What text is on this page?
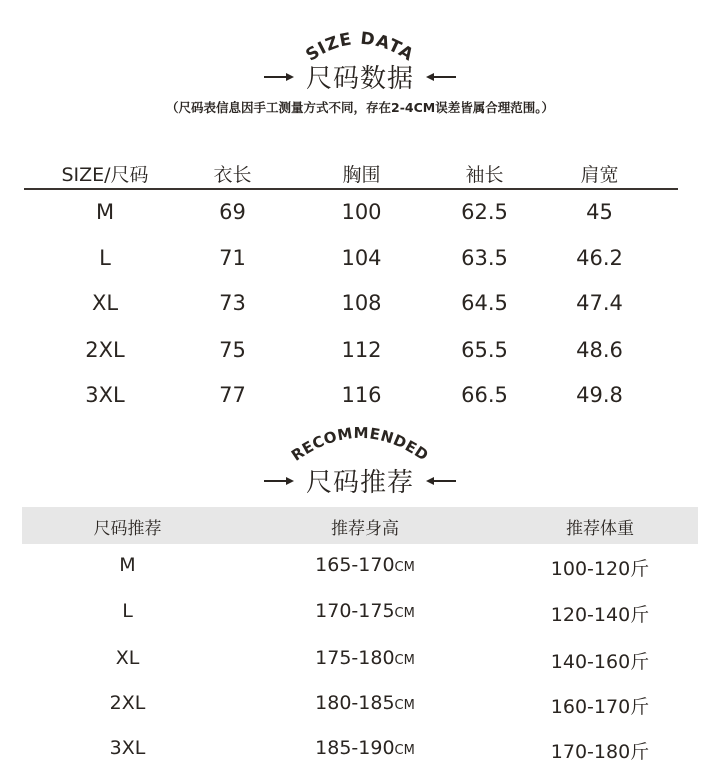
SIZE DATA
尺码数据
（尺码表信息因手工测量方式不同，存在2-4CM误差皆属合理范围。）
SIZE/尺码	衣长	胸围	袖长	肩宽
M	69	100	62.5	45
L	71	104	63.5	46.2
XL	73	108	64.5	47.4
2XL	75	112	65.5	48.6
3XL	77	116	66.5	49.8
RECOMMENDED
尺码推荐
尺码推荐	推荐身高	推荐体重
M	165-170CM	100-120斤
L	170-175CM	120-140斤
XL	175-180CM	140-160斤
2XL	180-185CM	160-170斤
3XL	185-190CM	170-180斤
